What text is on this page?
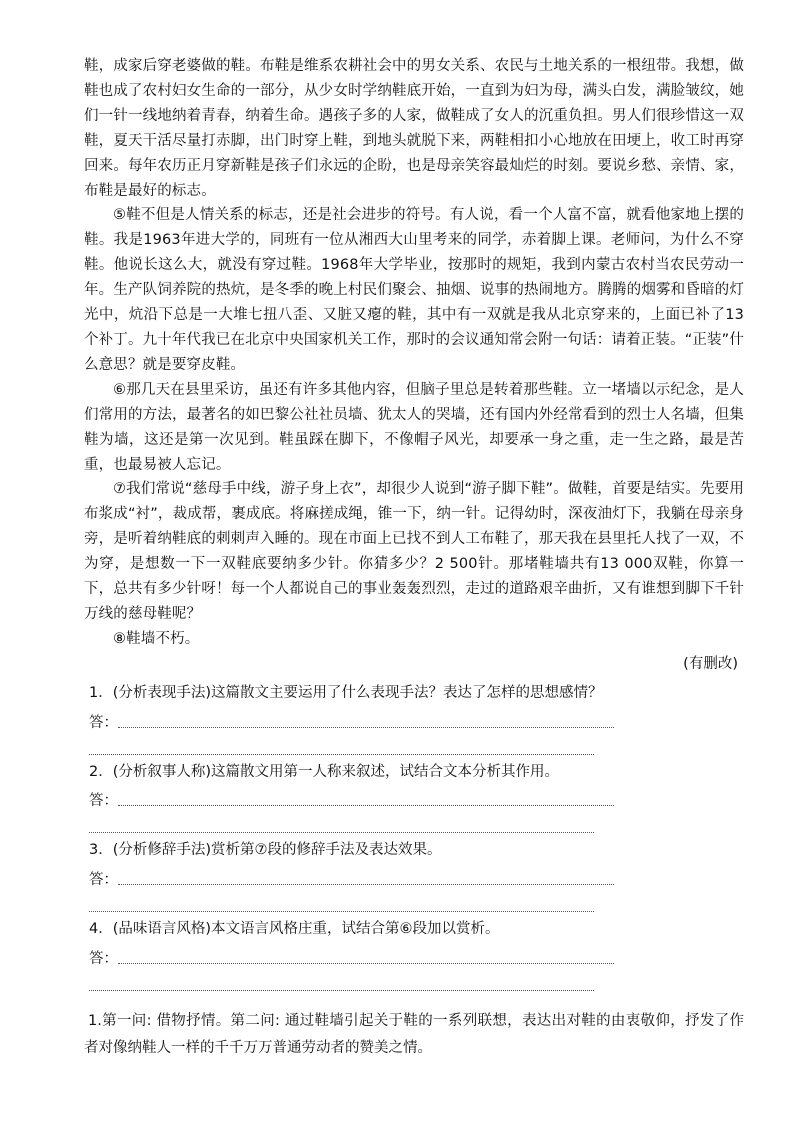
鞋，成家后穿老婆做的鞋。布鞋是维系农耕社会中的男女关系、农民与土地关系的一根纽带。我想，做鞋也成了农村妇女生命的一部分，从少女时学纳鞋底开始，一直到为妇为母，满头白发，满脸皱纹，她们一针一线地纳着青春，纳着生命。遇孩子多的人家，做鞋成了女人的沉重负担。男人们很珍惜这一双鞋，夏天干活尽量打赤脚，出门时穿上鞋，到地头就脱下来，两鞋相扣小心地放在田埂上，收工时再穿回来。每年农历正月穿新鞋是孩子们永远的企盼，也是母亲笑容最灿烂的时刻。要说乡愁、亲情、家，布鞋是最好的标志。

⑤鞋不但是人情关系的标志，还是社会进步的符号。有人说，看一个人富不富，就看他家地上摆的鞋。我是1963年进大学的，同班有一位从湘西大山里考来的同学，赤着脚上课。老师问，为什么不穿鞋。他说长这么大，就没有穿过鞋。1968年大学毕业，按那时的规矩，我到内蒙古农村当农民劳动一年。生产队饲养院的热炕，是冬季的晚上村民们聚会、抽烟、说事的热闹地方。腾腾的烟雾和昏暗的灯光中，炕沿下总是一大堆七扭八歪、又脏又瘪的鞋，其中有一双就是我从北京穿来的，上面已补了13个补丁。九十年代我已在北京中央国家机关工作，那时的会议通知常会附一句话：请着正装。“正装”什么意思？就是要穿皮鞋。

⑥那几天在县里采访，虽还有许多其他内容，但脑子里总是转着那些鞋。立一堵墙以示纪念，是人们常用的方法，最著名的如巴黎公社社员墙、犹太人的哭墙，还有国内外经常看到的烈士人名墙，但集鞋为墙，这还是第一次见到。鞋虽踩在脚下，不像帽子风光，却要承一身之重，走一生之路，最是苦重，也最易被人忘记。

⑦我们常说“慈母手中线，游子身上衣”，却很少人说到“游子脚下鞋”。做鞋，首要是结实。先要用布浆成“衬”，裁成帮，裹成底。将麻搓成绳，锥一下，纳一针。记得幼时，深夜油灯下，我躺在母亲身旁，是听着纳鞋底的刺刺声入睡的。现在市面上已找不到人工布鞋了，那天我在县里托人找了一双，不为穿，是想数一下一双鞋底要纳多少针。你猜多少？2 500针。那堵鞋墙共有13 000双鞋，你算一下，总共有多少针呀！每一个人都说自己的事业轰轰烈烈，走过的道路艰辛曲折，又有谁想到脚下千针万线的慈母鞋呢？

⑧鞋墙不朽。

(有删改)

1．(分析表现手法)这篇散文主要运用了什么表现手法？表达了怎样的思想感情？

答：

2．(分析叙事人称)这篇散文用第一人称来叙述，试结合文本分析其作用。

答：

3．(分析修辞手法)赏析第⑦段的修辞手法及表达效果。

答：

4．(品味语言风格)本文语言风格庄重，试结合第⑥段加以赏析。

答：

1.第一问: 借物抒情。第二问: 通过鞋墙引起关于鞋的一系列联想，表达出对鞋的由衷敬仰，抒发了作者对像纳鞋人一样的千千万万普通劳动者的赞美之情。
